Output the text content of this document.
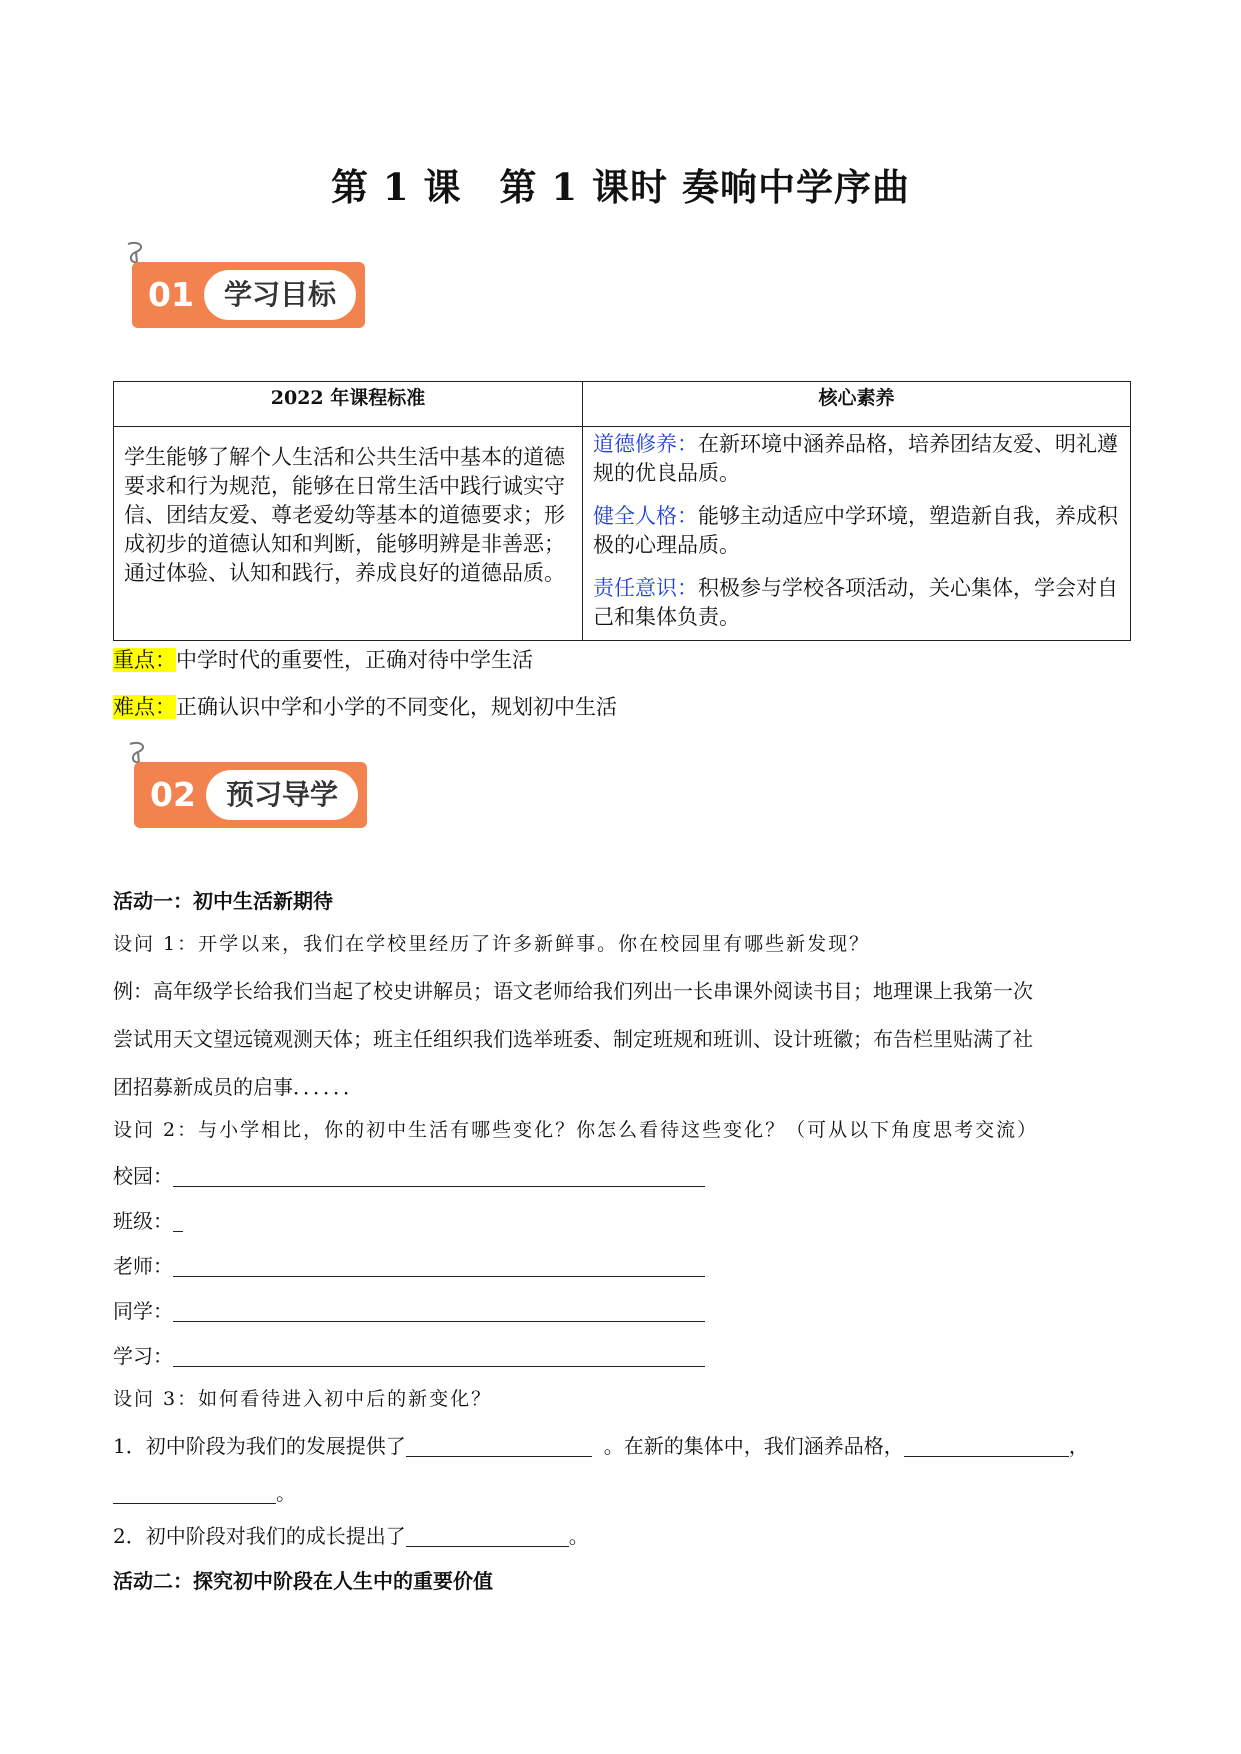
第 1 课　第 1 课时 奏响中学序曲
01	学习目标
2022 年课程标准	核心素养
学生能够了解个人生活和公共生活中基本的道德要求和行为规范，能够在日常生活中践行诚实守信、团结友爱、尊老爱幼等基本的道德要求；形成初步的道德认知和判断，能够明辨是非善恶；通过体验、认知和践行，养成良好的道德品质。	道德修养：在新环境中涵养品格，培养团结友爱、明礼遵规的优良品质。

健全人格：能够主动适应中学环境，塑造新自我，养成积极的心理品质。

责任意识：积极参与学校各项活动，关心集体，学会对自己和集体负责。

重点：中学时代的重要性，正确对待中学生活
难点：正确认识中学和小学的不同变化，规划初中生活
02	预习导学
活动一：初中生活新期待
设问 1：开学以来，我们在学校里经历了许多新鲜事。你在校园里有哪些新发现？
例：高年级学长给我们当起了校史讲解员；语文老师给我们列出一长串课外阅读书目；地理课上我第一次
尝试用天文望远镜观测天体；班主任组织我们选举班委、制定班规和班训、设计班徽；布告栏里贴满了社
团招募新成员的启事．．．．．．
设问 2：与小学相比，你的初中生活有哪些变化？你怎么看待这些变化？（可从以下角度思考交流）
校园：
班级：
老师：
同学：
学习：
设问 3：如何看待进入初中后的新变化？
1．初中阶段为我们的发展提供了	。在新的集体中，我们涵养品格，	，
。
2．初中阶段对我们的成长提出了	。
活动二：探究初中阶段在人生中的重要价值
